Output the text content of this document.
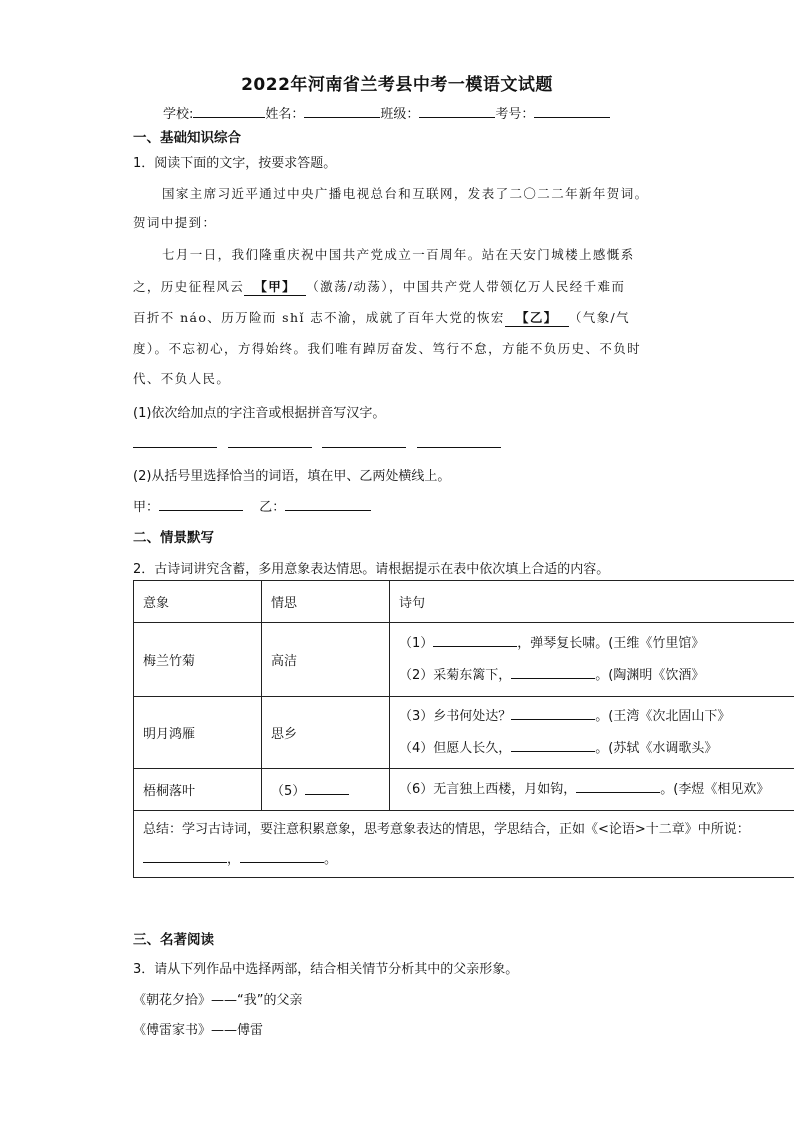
2022年河南省兰考县中考一模语文试题
学校:	姓名：	班级：	考号：
一、基础知识综合
1．阅读下面的文字，按要求答题。
国家主席习近平通过中央广播电视总台和互联网，发表了二〇二二年新年贺词。
贺词中提到：
七月一日，我们隆重庆祝中国共产党成立一百周年。站在天安门城楼上感慨系
之，历史征程风云 【甲】 （激荡/动荡），中国共产党人带领亿万人民经千难而
百折不 náo、历万险而 shǐ 志不渝，成就了百年大党的恢宏 【乙】 （气象/气
度）。不忘初心，方得始终。我们唯有踔厉奋发、笃行不怠，方能不负历史、不负时
代、不负人民。
(1)依次给加点的字注音或根据拼音写汉字。
(2)从括号里选择恰当的词语，填在甲、乙两处横线上。
甲：	乙：
二、情景默写
2．古诗词讲究含蓄，多用意象表达情思。请根据提示在表中依次填上合适的内容。
意象	情思	诗句
梅兰竹菊	高洁	（1） ，弹琴复长啸。(王维《竹里馆》
（2）采菊东篱下， 。(陶渊明《饮酒》

明月鸿雁	思乡	（3）乡书何处达？ 。(王湾《次北固山下》
（4）但愿人长久， 。(苏轼《水调歌头》

梧桐落叶	（5）	（6）无言独上西楼，月如钩， 。(李煜《相见欢》

总结：学习古诗词，要注意积累意象，思考意象表达的情思，学思结合，正如《<论语>十二章》中所说：
， 。		
三、名著阅读
3．请从下列作品中选择两部，结合相关情节分析其中的父亲形象。
《朝花夕拾》——“我”的父亲
《傅雷家书》——傅雷
